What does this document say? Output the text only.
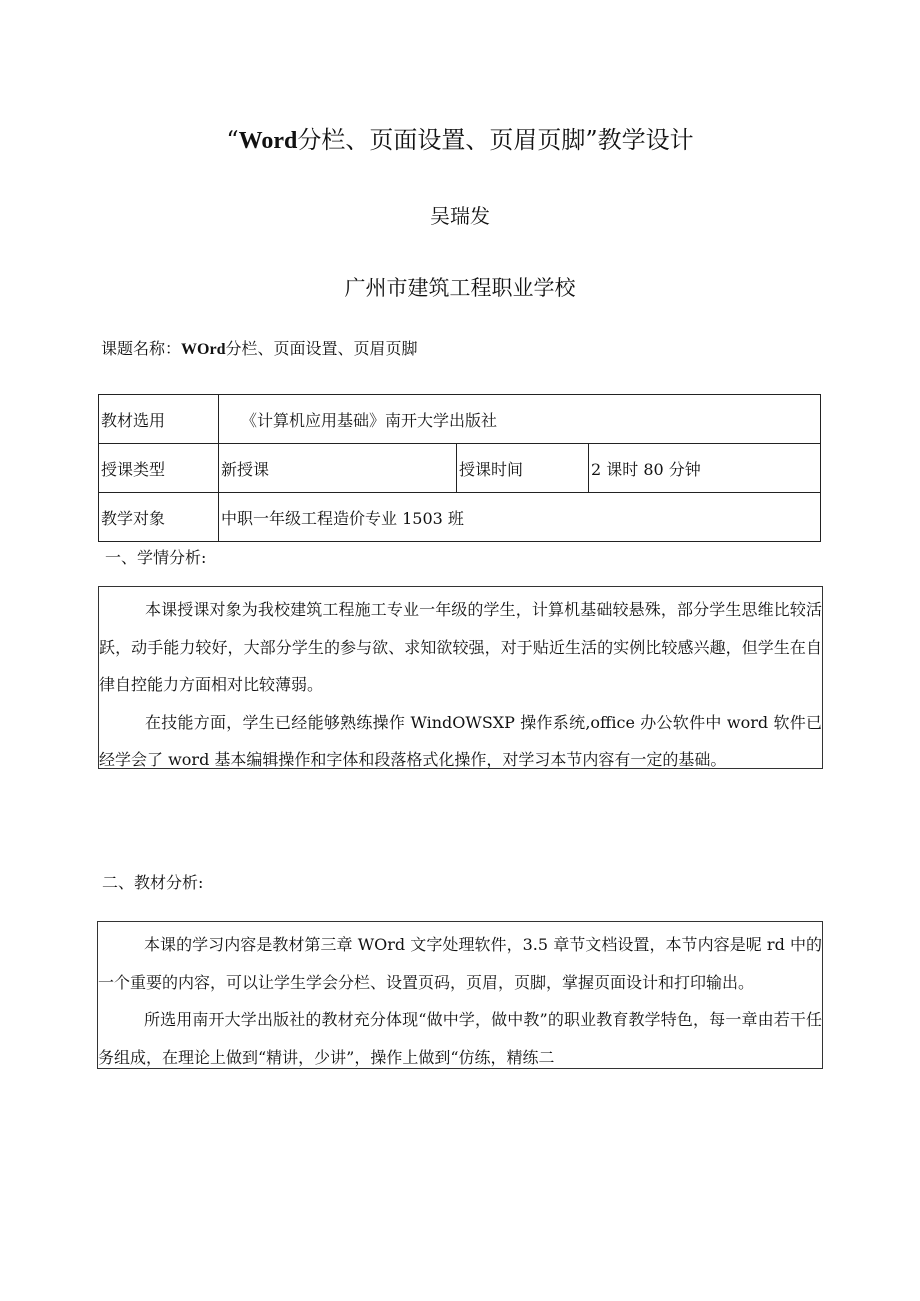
“Word分栏、页面设置、页眉页脚”教学设计
吴瑞发
广州市建筑工程职业学校
课题名称：WOrd分栏、页面设置、页眉页脚
教材选用	《计算机应用基础》南开大学出版社		
授课类型	新授课	授课时间	2 课时 80 分钟
教学对象	中职一年级工程造价专业 1503 班		
一、学情分析:

本课授课对象为我校建筑工程施工专业一年级的学生，计算机基础较悬殊，部分学生思维比较活跃，动手能力较好，大部分学生的参与欲、求知欲较强，对于贴近生活的实例比较感兴趣，但学生在自律自控能力方面相对比较薄弱。

在技能方面，学生已经能够熟练操作 WindOWSXP 操作系统,office 办公软件中 word 软件已经学会了 word 基本编辑操作和字体和段落格式化操作，对学习本节内容有一定的基础。

二、教材分析:

本课的学习内容是教材第三章 WOrd 文字处理软件，3.5 章节文档设置，本节内容是呢 rd 中的一个重要的内容，可以让学生学会分栏、设置页码，页眉，页脚，掌握页面设计和打印输出。

所选用南开大学出版社的教材充分体现“做中学，做中教”的职业教育教学特色，每一章由若干任务组成，在理论上做到“精讲，少讲”，操作上做到“仿练，精练二
